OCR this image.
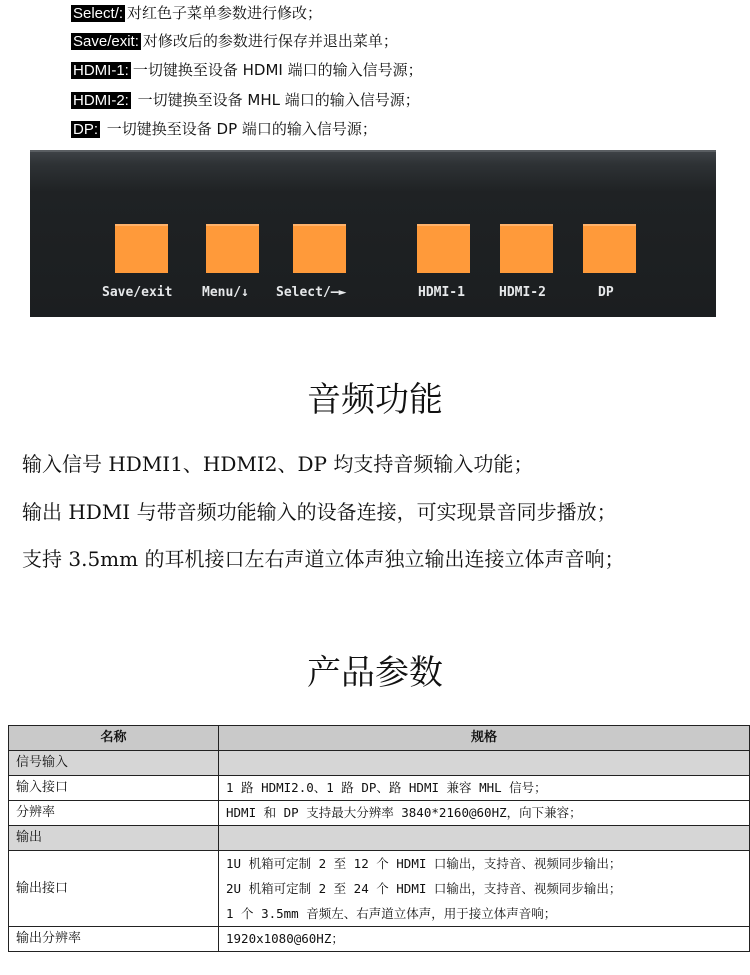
Select/: 对红色子菜单参数进行修改；
Save/exit: 对修改后的参数进行保存并退出菜单；
HDMI-1: 一切键换至设备 HDMI 端口的输入信号源；
HDMI-2: 一切键换至设备 MHL 端口的输入信号源；
DP: 一切键换至设备 DP 端口的输入信号源；
Save/exit Menu/↓ Select/—►	HDMI-1	HDMI-2	DP
音频功能
输入信号 HDMI1、HDMI2、DP 均支持音频输入功能；
输出 HDMI 与带音频功能输入的设备连接，可实现景音同步播放；
支持 3.5mm 的耳机接口左右声道立体声独立输出连接立体声音响；
产品参数
名称	规格
信号输入	
输入接口	1 路 HDMI2.0、1 路 DP、路 HDMI 兼容 MHL 信号；
分辨率	HDMI 和 DP 支持最大分辨率 3840*2160@60HZ，向下兼容；
输出	
输出接口	1U 机箱可定制 2 至 12 个 HDMI 口输出，支持音、视频同步输出；
2U 机箱可定制 2 至 24 个 HDMI 口输出，支持音、视频同步输出；
1 个 3.5mm 音频左、右声道立体声，用于接立体声音响；

输出分辨率	1920x1080@60HZ；
